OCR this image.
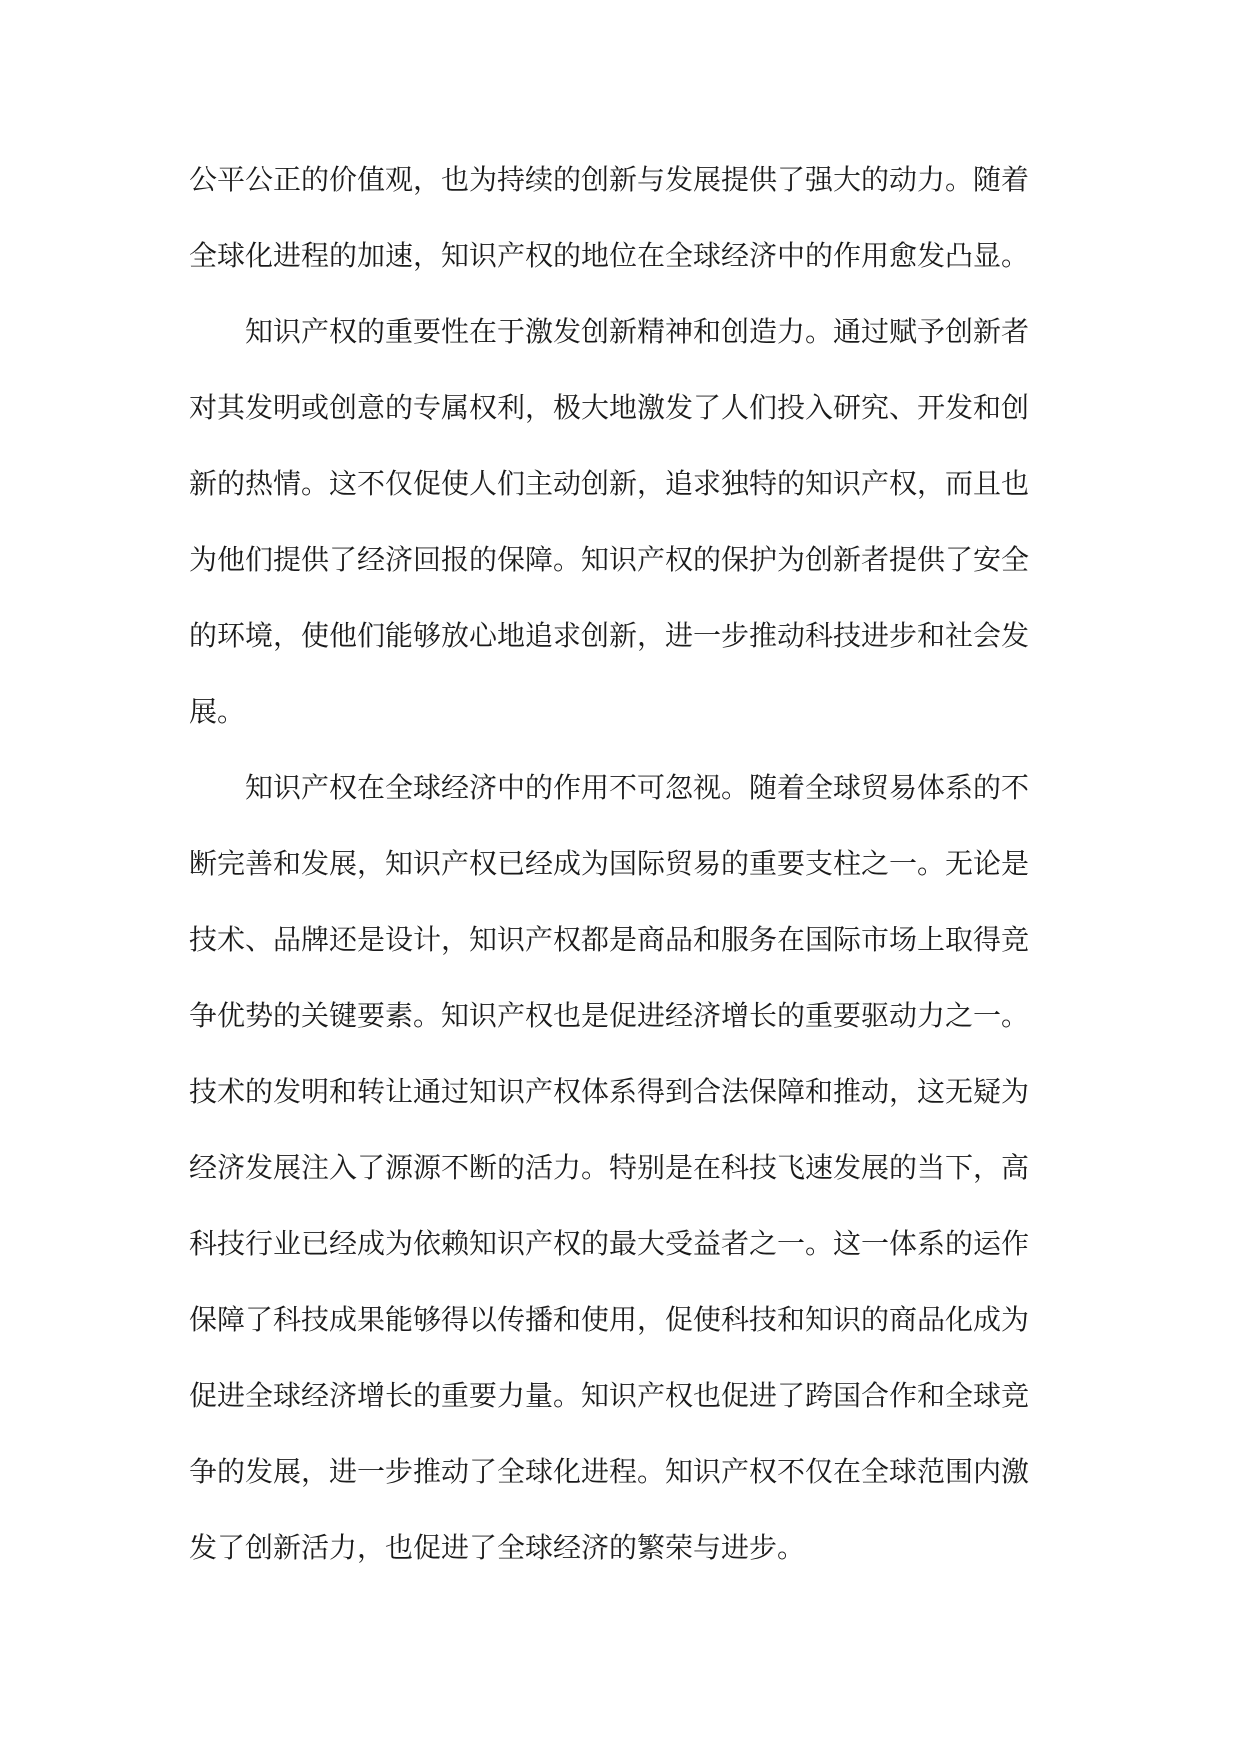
公平公正的价值观，也为持续的创新与发展提供了强大的动力。随着
全球化进程的加速，知识产权的地位在全球经济中的作用愈发凸显。
知识产权的重要性在于激发创新精神和创造力。通过赋予创新者
对其发明或创意的专属权利，极大地激发了人们投入研究、开发和创
新的热情。这不仅促使人们主动创新，追求独特的知识产权，而且也
为他们提供了经济回报的保障。知识产权的保护为创新者提供了安全
的环境，使他们能够放心地追求创新，进一步推动科技进步和社会发
展。
知识产权在全球经济中的作用不可忽视。随着全球贸易体系的不
断完善和发展，知识产权已经成为国际贸易的重要支柱之一。无论是
技术、品牌还是设计，知识产权都是商品和服务在国际市场上取得竞
争优势的关键要素。知识产权也是促进经济增长的重要驱动力之一。
技术的发明和转让通过知识产权体系得到合法保障和推动，这无疑为
经济发展注入了源源不断的活力。特别是在科技飞速发展的当下，高
科技行业已经成为依赖知识产权的最大受益者之一。这一体系的运作
保障了科技成果能够得以传播和使用，促使科技和知识的商品化成为
促进全球经济增长的重要力量。知识产权也促进了跨国合作和全球竞
争的发展，进一步推动了全球化进程。知识产权不仅在全球范围内激
发了创新活力，也促进了全球经济的繁荣与进步。
